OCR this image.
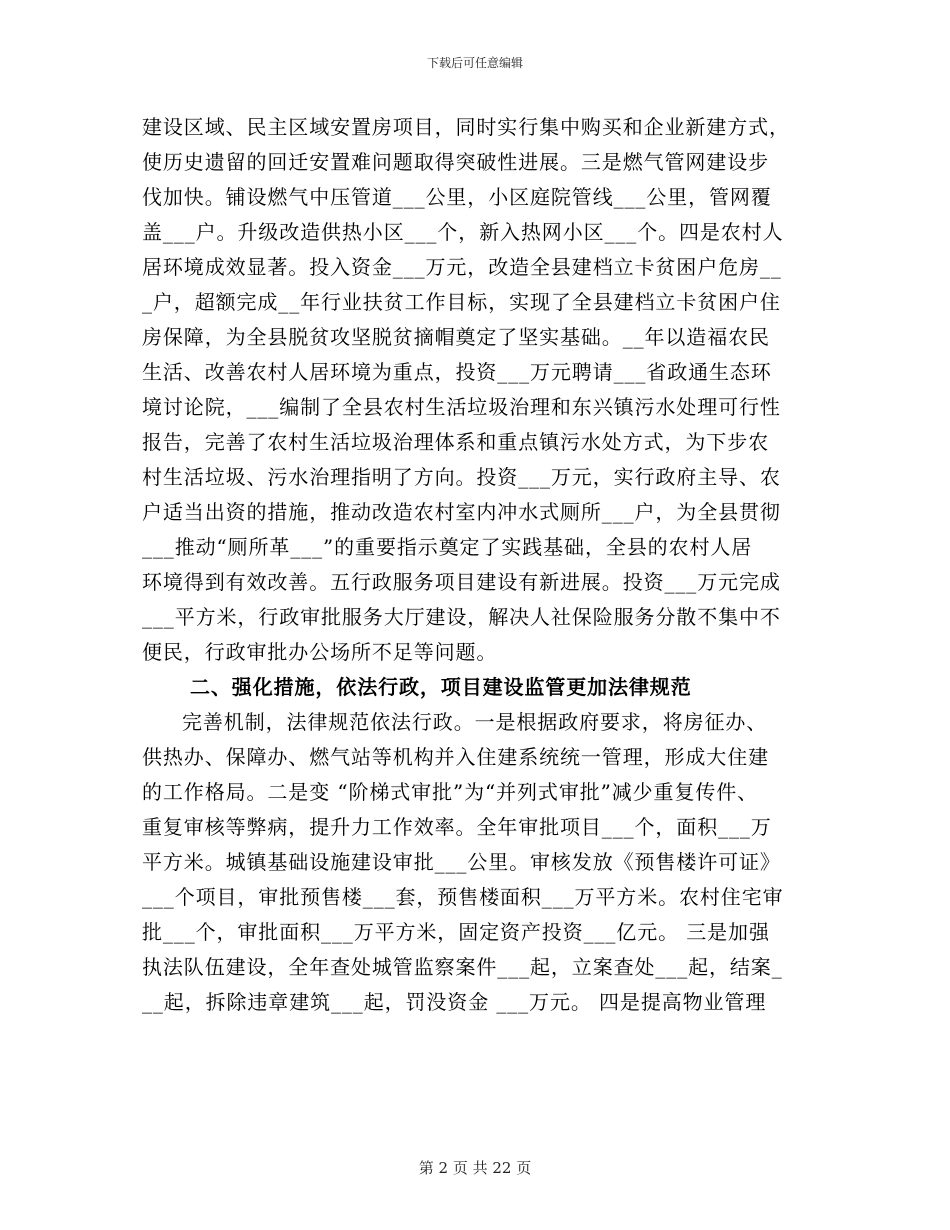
下载后可任意编辑
建设区域、民主区域安置房项目，同时实行集中购买和企业新建方式，
使历史遗留的回迁安置难问题取得突破性进展。三是燃气管网建设步
伐加快。铺设燃气中压管道___公里，小区庭院管线___公里，管网覆
盖___户。升级改造供热小区___个，新入热网小区___个。四是农村人
居环境成效显著。投入资金___万元，改造全县建档立卡贫困户危房__
_户，超额完成__年行业扶贫工作目标，实现了全县建档立卡贫困户住
房保障，为全县脱贫攻坚脱贫摘帽奠定了坚实基础。__年以造福农民
生活、改善农村人居环境为重点，投资___万元聘请___省政通生态环
境讨论院，___编制了全县农村生活垃圾治理和东兴镇污水处理可行性
报告，完善了农村生活垃圾治理体系和重点镇污水处方式，为下步农
村生活垃圾、污水治理指明了方向。投资___万元，实行政府主导、农
户适当出资的措施，推动改造农村室内冲水式厕所___户，为全县贯彻
___推动“厕所革___”的重要指示奠定了实践基础，全县的农村人居
环境得到有效改善。五行政服务项目建设有新进展。投资___万元完成
___平方米，行政审批服务大厅建设，解决人社保险服务分散不集中不
便民，行政审批办公场所不足等问题。
二、强化措施，依法行政，项目建设监管更加法律规范
完善机制，法律规范依法行政。一是根据政府要求，将房征办、
供热办、保障办、燃气站等机构并入住建系统统一管理，形成大住建
的工作格局。二是变 “阶梯式审批”为“并列式审批”减少重复传件、
重复审核等弊病，提升力工作效率。全年审批项目___个，面积___万
平方米。城镇基础设施建设审批___公里。审核发放《预售楼许可证》
___个项目，审批预售楼___套，预售楼面积___万平方米。农村住宅审
批___个，审批面积___万平方米，固定资产投资___亿元。 三是加强
执法队伍建设，全年查处城管监察案件___起，立案查处___起，结案_
__起，拆除违章建筑___起，罚没资金 ___万元。 四是提高物业管理
第 2 页 共 22 页
